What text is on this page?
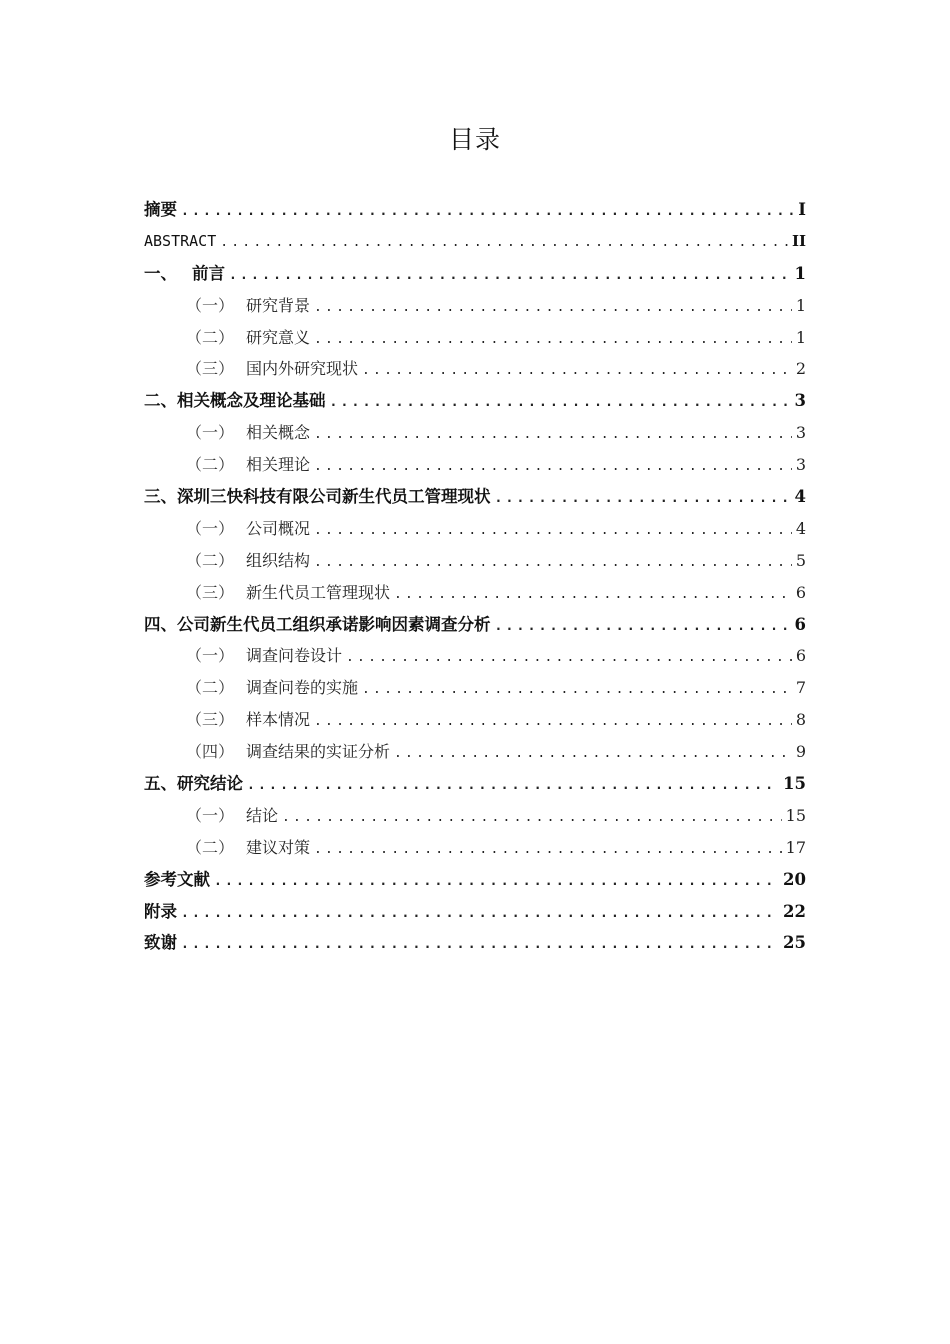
目录
摘要 .....	I
ABSTRACT .....	II
一、 前言 .....	1
（一） 研究背景 .....	1
（二） 研究意义 .....	1
（三） 国内外研究现状 .....	2
二、相关概念及理论基础 .....	3
（一） 相关概念 .....	3
（二） 相关理论 .....	3
三、深圳三快科技有限公司新生代员工管理现状 .....	4
（一） 公司概况 .....	4
（二） 组织结构 .....	5
（三） 新生代员工管理现状 .....	6
四、公司新生代员工组织承诺影响因素调查分析 .....	6
（一） 调查问卷设计 .....	6
（二） 调查问卷的实施 .....	7
（三） 样本情况 .....	8
（四） 调查结果的实证分析 .....	9
五、研究结论 .....	15
（一） 结论 .....	15
（二） 建议对策 .....	17
参考文献 .....	20
附录 .....	22
致谢 .....	25
